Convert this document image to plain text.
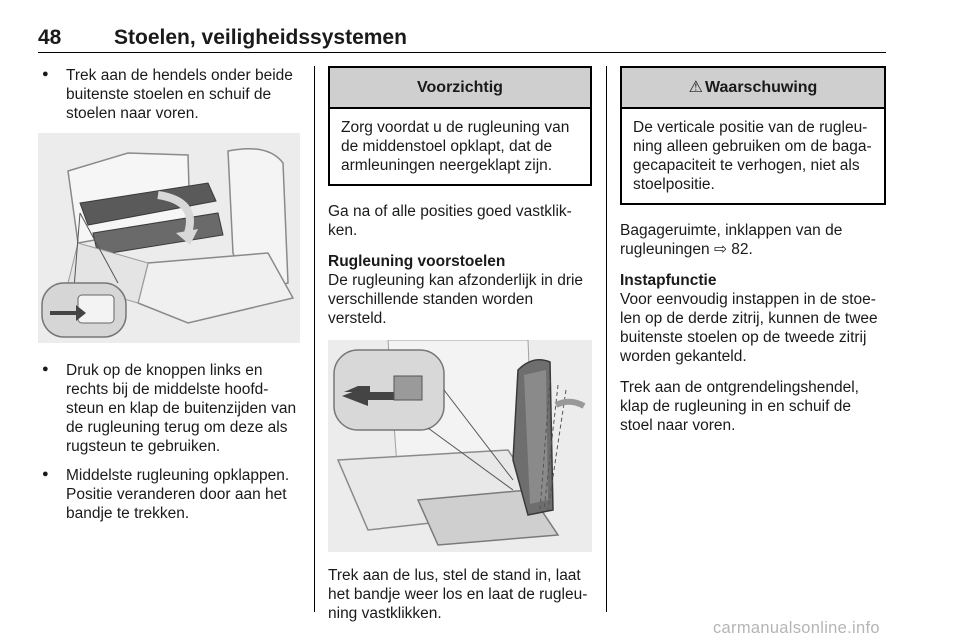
48	Stoelen, veiligheidssystemen
● Trek aan de hendels onder beide buitenste stoelen en schuif de stoelen naar voren.
● Druk op de knoppen links en rechts bij de middelste hoofd-steun en klap de buitenzijden van de rugleuning terug om deze als rugsteun te gebruiken.
● Middelste rugleuning opklappen. Positie veranderen door aan het bandje te trekken.
Voorzichtig
Zorg voordat u de rugleuning van de middenstoel opklapt, dat de armleuningen neergeklapt zijn.

Ga na of alle posities goed vastklik-ken.

Rugleuning voorstoelen

De rugleuning kan afzonderlijk in drie verschillende standen worden versteld.

Trek aan de lus, stel de stand in, laat het bandje weer los en laat de rugleu-ning vastklikken.

⚠ Waarschuwing
De verticale positie van de rugleu-ning alleen gebruiken om de baga-gecapaciteit te verhogen, niet als stoelpositie.

Bagageruimte, inklappen van de rugleuningen ⇨ 82.

Instapfunctie

Voor eenvoudig instappen in de stoe-len op de derde zitrij, kunnen de twee buitenste stoelen op de tweede zitrij worden gekanteld.

Trek aan de ontgrendelingshendel, klap de rugleuning in en schuif de stoel naar voren.

carmanualsonline.info
